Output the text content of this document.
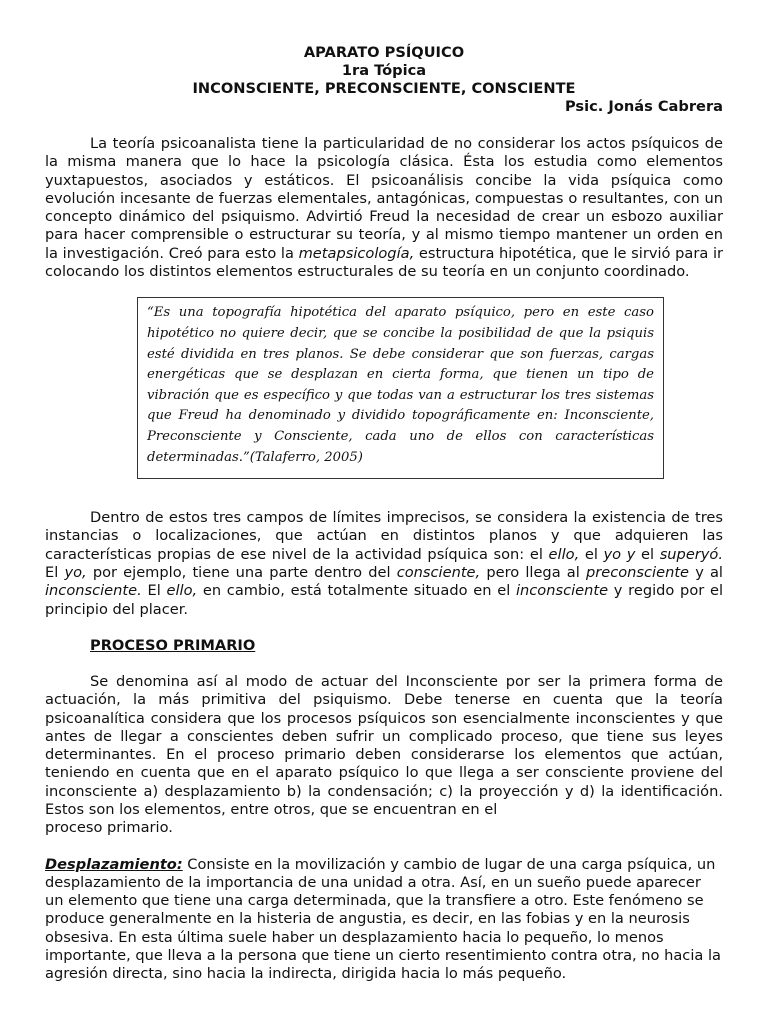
APARATO PSÍQUICO
1ra Tópica
INCONSCIENTE, PRECONSCIENTE, CONSCIENTE
Psic. Jonás Cabrera

La teoría psicoanalista tiene la particularidad de no considerar los actos psíquicos de la misma manera que lo hace la psicología clásica. Ésta los estudia como elementos yuxtapuestos, asociados y estáticos. El psicoanálisis concibe la vida psíquica como evolución incesante de fuerzas elementales, antagónicas, compuestas o resultantes, con un concepto dinámico del psiquismo. Advirtió Freud la necesidad de crear un esbozo auxiliar para hacer comprensible o estructurar su teoría, y al mismo tiempo mantener un orden en la investigación. Creó para esto la metapsicología, estructura hipotética, que le sirvió para ir colocando los distintos elementos estructurales de su teoría en un conjunto coordinado.

“Es una topografía hipotética del aparato psíquico, pero en este caso hipotético no quiere decir, que se concibe la posibilidad de que la psiquis esté dividida en tres planos. Se debe considerar que son fuerzas, cargas energéticas que se desplazan en cierta forma, que tienen un tipo de vibración que es específico y que todas van a estructurar los tres sistemas que Freud ha denominado y dividido topográficamente en: Inconsciente, Preconsciente y Consciente, cada uno de ellos con características determinadas.”(Talaferro, 2005)

Dentro de estos tres campos de límites imprecisos, se considera la existencia de tres instancias o localizaciones, que actúan en distintos planos y que adquieren las características propias de ese nivel de la actividad psíquica son: el ello, el yo y el superyó. El yo, por ejemplo, tiene una parte dentro del consciente, pero llega al preconsciente y al inconsciente. El ello, en cambio, está totalmente situado en el inconsciente y regido por el principio del placer.

PROCESO PRIMARIO

Se denomina así al modo de actuar del Inconsciente por ser la primera forma de actuación, la más primitiva del psiquismo. Debe tenerse en cuenta que la teoría psicoanalítica considera que los procesos psíquicos son esencialmente inconscientes y que antes de llegar a conscientes deben sufrir un complicado proceso, que tiene sus leyes determinantes. En el proceso primario deben considerarse los elementos que actúan, teniendo en cuenta que en el aparato psíquico lo que llega a ser consciente proviene del inconsciente a) desplazamiento b) la condensación; c) la proyección y d) la identificación. Estos son los elementos, entre otros, que se encuentran en el
proceso primario.

Desplazamiento: Consiste en la movilización y cambio de lugar de una carga psíquica, un desplazamiento de la importancia de una unidad a otra. Así, en un sueño puede aparecer un elemento que tiene una carga determinada, que la transfiere a otro. Este fenómeno se produce generalmente en la histeria de angustia, es decir, en las fobias y en la neurosis obsesiva. En esta última suele haber un desplazamiento hacia lo pequeño, lo menos importante, que lleva a la persona que tiene un cierto resentimiento contra otra, no hacia la agresión directa, sino hacia la indirecta, dirigida hacia lo más pequeño.
